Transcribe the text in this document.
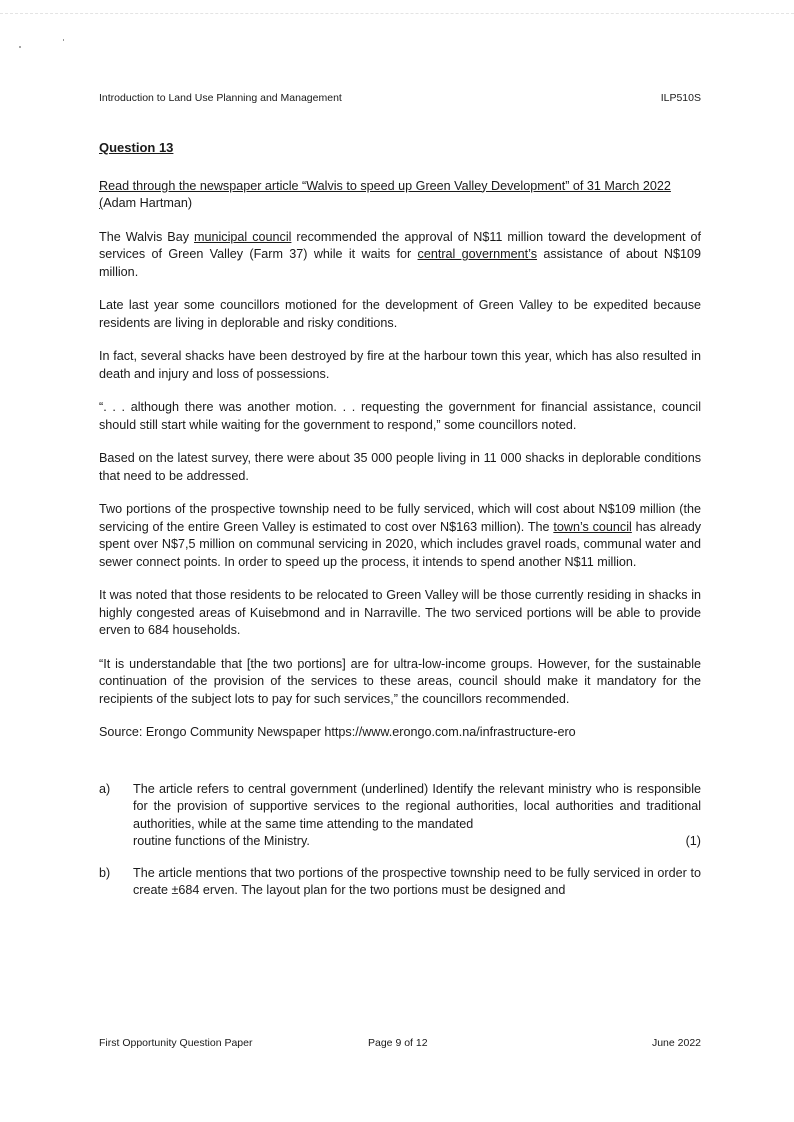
Introduction to Land Use Planning and Management	ILP510S
Question 13

Read through the newspaper article “Walvis to speed up Green Valley Development” of 31 March 2022 (Adam Hartman)

The Walvis Bay municipal council recommended the approval of N$11 million toward the development of services of Green Valley (Farm 37) while it waits for central government’s assistance of about N$109 million.

Late last year some councillors motioned for the development of Green Valley to be expedited because residents are living in deplorable and risky conditions.

In fact, several shacks have been destroyed by fire at the harbour town this year, which has also resulted in death and injury and loss of possessions.

“. . . although there was another motion. . . requesting the government for financial assistance, council should still start while waiting for the government to respond,” some councillors noted.

Based on the latest survey, there were about 35 000 people living in 11 000 shacks in deplorable conditions that need to be addressed.

Two portions of the prospective township need to be fully serviced, which will cost about N$109 million (the servicing of the entire Green Valley is estimated to cost over N$163 million). The town’s council has already spent over N$7,5 million on communal servicing in 2020, which includes gravel roads, communal water and sewer connect points. In order to speed up the process, it intends to spend another N$11 million.

It was noted that those residents to be relocated to Green Valley will be those currently residing in shacks in highly congested areas of Kuisebmond and in Narraville. The two serviced portions will be able to provide erven to 684 households.

“It is understandable that [the two portions] are for ultra-low-income groups. However, for the sustainable continuation of the provision of the services to these areas, council should make it mandatory for the recipients of the subject lots to pay for such services,” the councillors recommended.

Source: Erongo Community Newspaper https://www.erongo.com.na/infrastructure-ero

a)	The article refers to central government (underlined) Identify the relevant ministry who is responsible for the provision of supportive services to the regional authorities, local authorities and traditional authorities, while at the same time attending to the mandated
routine functions of the Ministry.	(1)
b)	The article mentions that two portions of the prospective township need to be fully serviced in order to create ±684 erven. The layout plan for the two portions must be designed and
First Opportunity Question Paper	Page 9 of 12	June 2022
